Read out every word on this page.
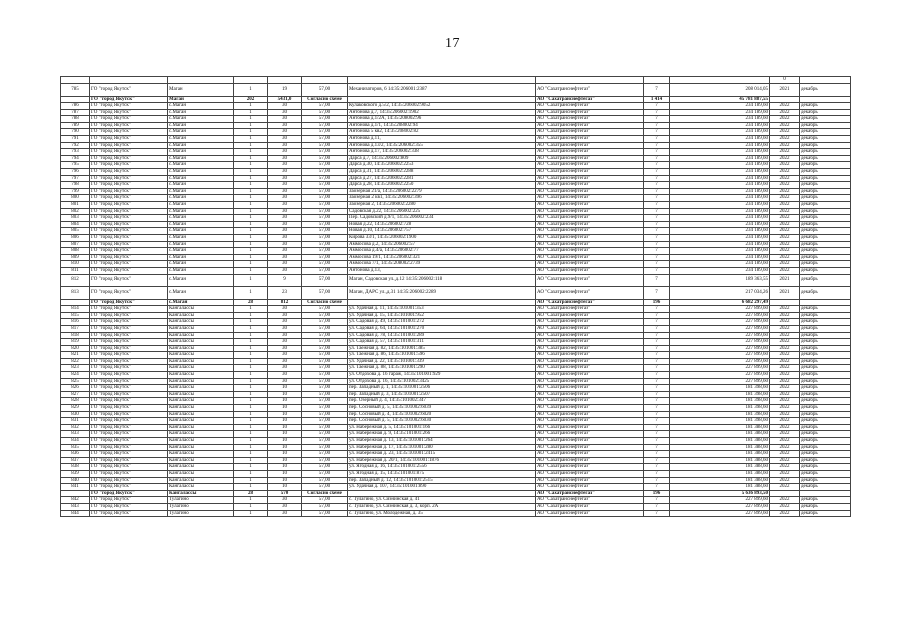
17
										0	
785	ГО "город Якутск"	Маган	1	19	57,00	Механизаторов, 6 14:35:206001:2387	АО "Сахатранснефтегаз"	7	208 014,05	2021	декабрь
	ГО "город Якутск"	Маган	202	5431,0	Согласно схеме		АО "Сахатранснефтегаз"	1 414	45 781 887,55		
786	ГО "город Якутск"	с.Маган	1	30	57,00	Кулаковского д.5/2, 14:35:206002:9052	АО "Сахатранснефтегаз"	7	234 189,60	2022	декабрь
787	ГО "город Якутск"	с.Маган	1	30	57,00	Антонова д.7, 14:35:206002:1902	АО "Сахатранснефтегаз"	7	234 189,60	2022	декабрь
788	ГО "город Якутск"	с.Маган	1	30	57,00	Антонова д.1/2А, 14:35:208002:96	АО "Сахатранснефтегаз"	7	234 189,60	2022	декабрь
789	ГО "город Якутск"	с.Маган	1	30	57,00	Антонова д.1/1, 14:35:208002:94	АО "Сахатранснефтегаз"	7	234 189,60	2022	декабрь
790	ГО "город Якутск"	с.Маган	1	30	57,00	Антонова 5 кв2, 14:35:208002:82	АО "Сахатранснефтегаз"	7	234 189,60	2022	декабрь
791	ГО "город Якутск"	с.Маган	1	30	57,00	Антонова д.11,	АО "Сахатранснефтегаз"	7	234 189,60	2022	декабрь
792	ГО "город Якутск"	с.Маган	1	30	57,00	Антонова д.13/2, 14:35:206002:355	АО "Сахатранснефтегаз"	7	234 189,60	2022	декабрь
793	ГО "город Якутск"	с.Маган	1	30	57,00	Антонова д.17, 14:35:206002:338	АО "Сахатранснефтегаз"	7	234 189,60	2022	декабрь
794	ГО "город Якутск"	с.Маган	1	30	57,00	Дарса д.7, 14:35:206002:809	АО "Сахатранснефтегаз"	7	234 189,60	2022	декабрь
795	ГО "город Якутск"	с.Маган	1	30	57,00	Дарса д.30, 14:35:206002:2253	АО "Сахатранснефтегаз"	7	234 189,60	2022	декабрь
796	ГО "город Якутск"	с.Маган	1	30	57,00	Дарса д.31, 14:35:206002:2288	АО "Сахатранснефтегаз"	7	234 189,60	2022	декабрь
797	ГО "город Якутск"	с.Маган	1	30	57,00	Дарса д.27, 14:35:206002:2281	АО "Сахатранснефтегаз"	7	234 189,60	2022	декабрь
798	ГО "город Якутск"	с.Маган	1	30	57,00	Дарса д.28, 14:35:206002:2250	АО "Сахатранснефтегаз"	7	234 189,60	2022	декабрь
799	ГО "город Якутск"	с.Маган	1	30	57,00	Заозерная 21/а, 14:35:206002:2279	АО "Сахатранснефтегаз"	7	234 189,60	2022	декабрь
800	ГО "город Якутск"	с.Маган	1	30	57,00	Заозерная 2 кв1, 14:35:206002:396	АО "Сахатранснефтегаз"	7	234 189,60	2022	декабрь
801	ГО "город Якутск"	с.Маган	1	30	57,00	Заозерная 2, 14:35:206002:2280	АО "Сахатранснефтегаз"	7	234 189,60	2022	декабрь
802	ГО "город Якутск"	с.Маган	1	30	57,00	Садовская д.22, 14:35:206002:225	АО "Сахатранснефтегаз"	7	234 189,60	2022	декабрь
803	ГО "город Якутск"	с.Маган	1	30	57,00	Пер. Садовский д.9/1, 14:35:206002:234	АО "Сахатранснефтегаз"	7	234 189,60	2022	декабрь
804	ГО "город Якутск"	с.Маган	1	30	57,00	Новая д.22, 14:35:206002:728	АО "Сахатранснефтегаз"	7	234 189,60	2022	декабрь
805	ГО "город Якутск"	с.Маган	1	30	57,00	Новая д.10, 14:35:206002:757	АО "Сахатранснефтегаз"	7	234 189,60	2022	декабрь
806	ГО "город Якутск"	с.Маган	1	30	57,00	Кирова 33/1, 14:35:206002:1900	АО "Сахатранснефтегаз"	7	234 189,60	2022	декабрь
807	ГО "город Якутск"	с.Маган	1	30	57,00	Аммосова д.2, 14:35:206002:57	АО "Сахатранснефтегаз"	7	234 189,60	2022	декабрь
808	ГО "город Якутск"	с.Маган	1	30	57,00	Аммосова д.4/а, 14:35:206002:77	АО "Сахатранснефтегаз"	7	234 189,60	2022	декабрь
809	ГО "город Якутск"	с.Маган	1	30	57,00	Аммосова 19/1, 14:35:206002:321	АО "Сахатранснефтегаз"	7	234 189,60	2022	декабрь
810	ГО "город Якутск"	с.Маган	1	30	57,00	Аммосова 7/1, 14:35:208002:2739	АО "Сахатранснефтегаз"	7	234 189,60	2022	декабрь
811	ГО "город Якутск"	с.Маган	1	30	57,00	Антонова д.13,	АО "Сахатранснефтегаз"	7	234 189,60	2022	декабрь
812	ГО "город Якутск"	с.Маган	1	9	57,00	Маган, Садовская ул.,д.12 14:35:206002:118	АО "Сахатранснефтегаз"	7	189 363,55	2021	декабрь
813	ГО "город Якутск"	с.Маган	1	23	57,00	Маган, ДАРС ул.,д.31 14:35:206002:2289	АО "Сахатранснефтегаз"	7	217 034,26	2021	декабрь
	ГО "город Якутск"	с.Маган	28	812	Согласно схеме		АО "Сахатранснефтегаз"	196	6 682 297,49		
814	ГО "город Якутск"	Кангалассы	1	30	57,00	ул. Удачная д. 11, 14:35:101001:353	АО "Сахатранснефтегаз"	7	227 899,60	2022	декабрь
815	ГО "город Якутск"	Кангалассы	1	30	57,00	ул. Удачная д. 15, 14:35:101001:952	АО "Сахатранснефтегаз"	7	227 899,60	2022	декабрь
816	ГО "город Якутск"	Кангалассы	1	30	57,00	ул. Садовая д. 49, 14:35:101001:272	АО "Сахатранснефтегаз"	7	227 899,60	2022	декабрь
817	ГО "город Якутск"	Кангалассы	1	30	57,00	ул. Садовая д. 64, 14:35:101001:270	АО "Сахатранснефтегаз"	7	227 899,60	2022	декабрь
818	ГО "город Якутск"	Кангалассы	1	30	57,00	ул. Садовая д. 78, 14:35:101001:289	АО "Сахатранснефтегаз"	7	227 899,60	2022	декабрь
819	ГО "город Якутск"	Кангалассы	1	30	57,00	ул. Садовая д. 57, 14:35:101001:311	АО "Сахатранснефтегаз"	7	227 899,60	2022	декабрь
820	ГО "город Якутск"	Кангалассы	1	30	57,00	ул. Таежная д. 82, 14:35:101001:385	АО "Сахатранснефтегаз"	7	227 899,60	2022	декабрь
821	ГО "город Якутск"	Кангалассы	1	30	57,00	ул. Таежная д. 86, 14:35:101001:596	АО "Сахатранснефтегаз"	7	227 899,60	2022	декабрь
822	ГО "город Якутск"	Кангалассы	1	30	57,00	ул. Удачная д. 22, 14:35:101001:339	АО "Сахатранснефтегаз"	7	227 899,60	2022	декабрь
823	ГО "город Якутск"	Кангалассы	1	30	57,00	ул. Таежная д. 88, 14:35:101001:290	АО "Сахатранснефтегаз"	7	227 899,60	2022	декабрь
824	ГО "город Якутск"	Кангалассы	1	30	57,00	ул. Отдохова д. 16 гараж, 14:35:101001:929	АО "Сахатранснефтегаз"	7	227 899,60	2022	декабрь
825	ГО "город Якутск"	Кангалассы	1	30	57,00	ул. Отдохова д. 16, 14:35:101002:3425	АО "Сахатранснефтегаз"	7	227 899,60	2022	декабрь
826	ГО "город Якутск"	Кангалассы	1	10	57,00	пер. Западный д. 1, 14:35:101001:2506	АО "Сахатранснефтегаз"	7	181 398,60	2022	декабрь
827	ГО "город Якутск"	Кангалассы	1	10	57,00	пер. Западный д. 3, 14:35:101001:2507	АО "Сахатранснефтегаз"	7	181 398,60	2022	декабрь
828	ГО "город Якутск"	Кангалассы	1	10	57,00	пер. Озерный д. 4, 14:35:101002:347	АО "Сахатранснефтегаз"	7	181 398,60	2022	декабрь
829	ГО "город Якутск"	Кангалассы	1	10	57,00	пер. Сосновый д. 5, 14:35:101002:6039	АО "Сахатранснефтегаз"	7	181 398,60	2022	декабрь
830	ГО "город Якутск"	Кангалассы	1	10	57,00	пер. Сосновый д. 4, 14:35:101002:6020	АО "Сахатранснефтегаз"	7	181 398,60	2022	декабрь
831	ГО "город Якутск"	Кангалассы	1	10	57,00	пер. Сосновый д. 5, 14:35:101002:6030	АО "Сахатранснефтегаз"	7	181 398,60	2022	декабрь
832	ГО "город Якутск"	Кангалассы	1	10	57,00	ул. Набережная д. 5, 14:35:101001:166	АО "Сахатранснефтегаз"	7	181 388,60	2022	декабрь
833	ГО "город Якутск"	Кангалассы	1	10	57,00	ул. Набережная д. 9, 14:35:101001:266	АО "Сахатранснефтегаз"	7	181 388,60	2022	декабрь
834	ГО "город Якутск"	Кангалассы	1	10	57,00	ул. Набережная д. 13, 14:35:101001:264	АО "Сахатранснефтегаз"	7	181 388,60	2022	декабрь
835	ГО "город Якутск"	Кангалассы	1	10	57,00	ул. Набережная д. 17, 14:35:101001:280	АО "Сахатранснефтегаз"	7	181 388,60	2022	декабрь
836	ГО "город Якутск"	Кангалассы	1	10	57,00	ул. Набережная д. 23, 14:35:101001:2415	АО "Сахатранснефтегаз"	7	181 388,60	2022	декабрь
837	ГО "город Якутск"	Кангалассы	1	10	57,00	ул. Набережная д. 20/1, 14:35:101001:1876	АО "Сахатранснефтегаз"	7	181 388,60	2022	декабрь
838	ГО "город Якутск"	Кангалассы	1	10	57,00	ул. Ягодная д. 16, 14:35:101001:2556	АО "Сахатранснефтегаз"	7	181 388,60	2022	декабрь
839	ГО "город Якутск"	Кангалассы	1	10	57,00	ул. Ягодная д. 15, 14:35:101001:875	АО "Сахатранснефтегаз"	7	181 388,60	2022	декабрь
840	ГО "город Якутск"	Кангалассы	1	10	57,00	пер. Западный д. 12, 14:35:101001:2515	АО "Сахатранснефтегаз"	7	181 388,60	2022	декабрь
841	ГО "город Якутск"	Кангалассы	1	10	57,00	ул. Удачная д. 107, 14:35:101001:890	АО "Сахатранснефтегаз"	7	181 388,60	2022	декабрь
	ГО "город Якутск"	Кангалассы	28	570	Согласно схеме		АО "Сахатранснефтегаз"	196	5 636 893,50		
842	ГО "город Якутск"	Тулагино	1	30	57,00	с. Тулагино, ул. Сиэнинская д. 41	АО "Сахатранснефтегаз"	7	227 899,60	2022	декабрь
843	ГО "город Якутск"	Тулагино	1	30	57,00	с. Тулагино, ул. Сиэнинская д. 3, корп. 2А	АО "Сахатранснефтегаз"	7	227 899,60	2022	декабрь
844	ГО "город Якутск"	Тулагино	1	30	57,00	с. Тулагино, ул. Молодежная, д. 35	АО "Сахатранснефтегаз"	7	227 899,60	2022	декабрь
